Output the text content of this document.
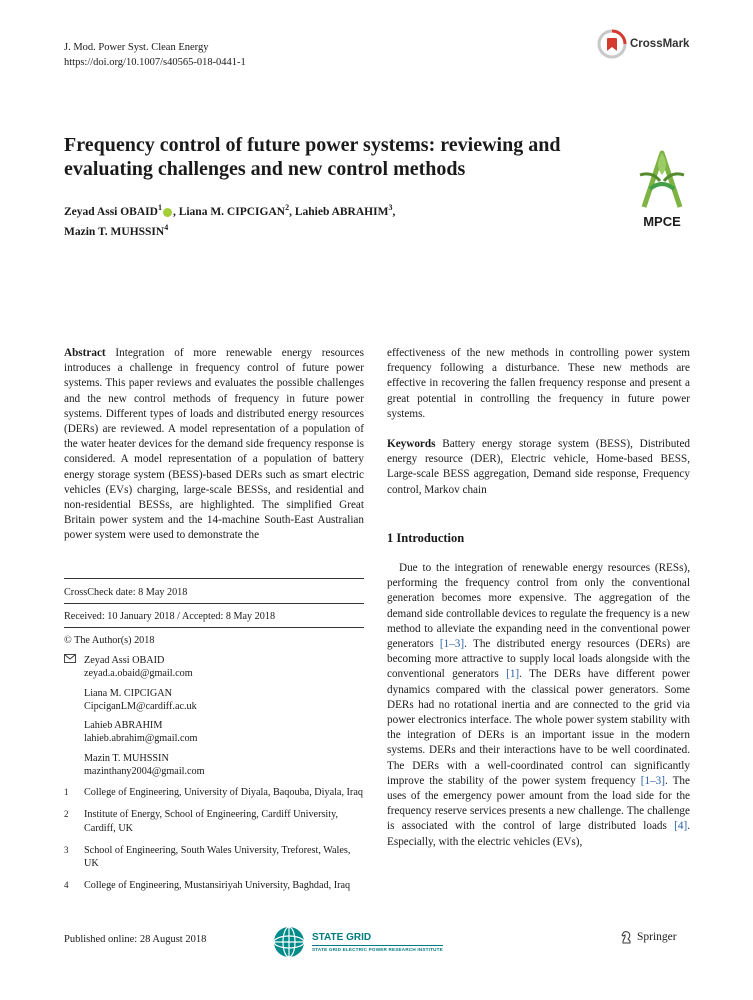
J. Mod. Power Syst. Clean Energy
https://doi.org/10.1007/s40565-018-0441-1
CrossMark
Frequency control of future power systems: reviewing and evaluating challenges and new control methods
Zeyad Assi OBAID$^1$ , Liana M. CIPCIGAN$^2$, Lahieb ABRAHIM$^3$,
Mazin T. MUHSSIN$^4$	MPCE
Abstract Integration of more renewable energy resources introduces a challenge in frequency control of future power systems. This paper reviews and evaluates the possible challenges and the new control methods of frequency in future power systems. Different types of loads and distributed energy resources (DERs) are reviewed. A model representation of a population of the water heater devices for the demand side frequency response is considered. A model representation of a population of battery energy storage system (BESS)-based DERs such as smart electric vehicles (EVs) charging, large-scale BESSs, and residential and non-residential BESSs, are highlighted. The simplified Great Britain power system and the 14-machine South-East Australian power system were used to demonstrate the
effectiveness of the new methods in controlling power system frequency following a disturbance. These new methods are effective in recovering the fallen frequency response and present a great potential in controlling the frequency in future power systems.
Keywords Battery energy storage system (BESS), Distributed energy resource (DER), Electric vehicle, Home-based BESS, Large-scale BESS aggregation, Demand side response, Frequency control, Markov chain
1 Introduction
Due to the integration of renewable energy resources (RESs), performing the frequency control from only the conventional generation becomes more expensive. The aggregation of the demand side controllable devices to regulate the frequency is a new method to alleviate the expanding need in the conventional power generators [1–3]. The distributed energy resources (DERs) are becoming more attractive to supply local loads alongside with the conventional generators [1]. The DERs have different power dynamics compared with the classical power generators. Some DERs had no rotational inertia and are connected to the grid via power electronics interface. The whole power system stability with the integration of DERs is an important issue in the modern systems. DERs and their interactions have to be well coordinated. The DERs with a well-coordinated control can significantly improve the stability of the power system frequency [1–3]. The uses of the emergency power amount from the load side for the frequency reserve services presents a new challenge. The challenge is associated with the control of large distributed loads [4]. Especially, with the electric vehicles (EVs),
CrossCheck date: 8 May 2018
Received: 10 January 2018 / Accepted: 8 May 2018
© The Author(s) 2018
Zeyad Assi OBAID
zeyad.a.obaid@gmail.com
Liana M. CIPCIGAN
CipciganLM@cardiff.ac.uk
Lahieb ABRAHIM
lahieb.abrahim@gmail.com
Mazin T. MUHSSIN
mazinthany2004@gmail.com
1	College of Engineering, University of Diyala, Baqouba, Diyala, Iraq
2	Institute of Energy, School of Engineering, Cardiff University, Cardiff, UK
3	School of Engineering, South Wales University, Treforest, Wales, UK
4	College of Engineering, Mustansiriyah University, Baghdad, Iraq
Published online: 28 August 2018	STATE GRID
STATE GRID ELECTRIC POWER RESEARCH INSTITUTE
Springer
